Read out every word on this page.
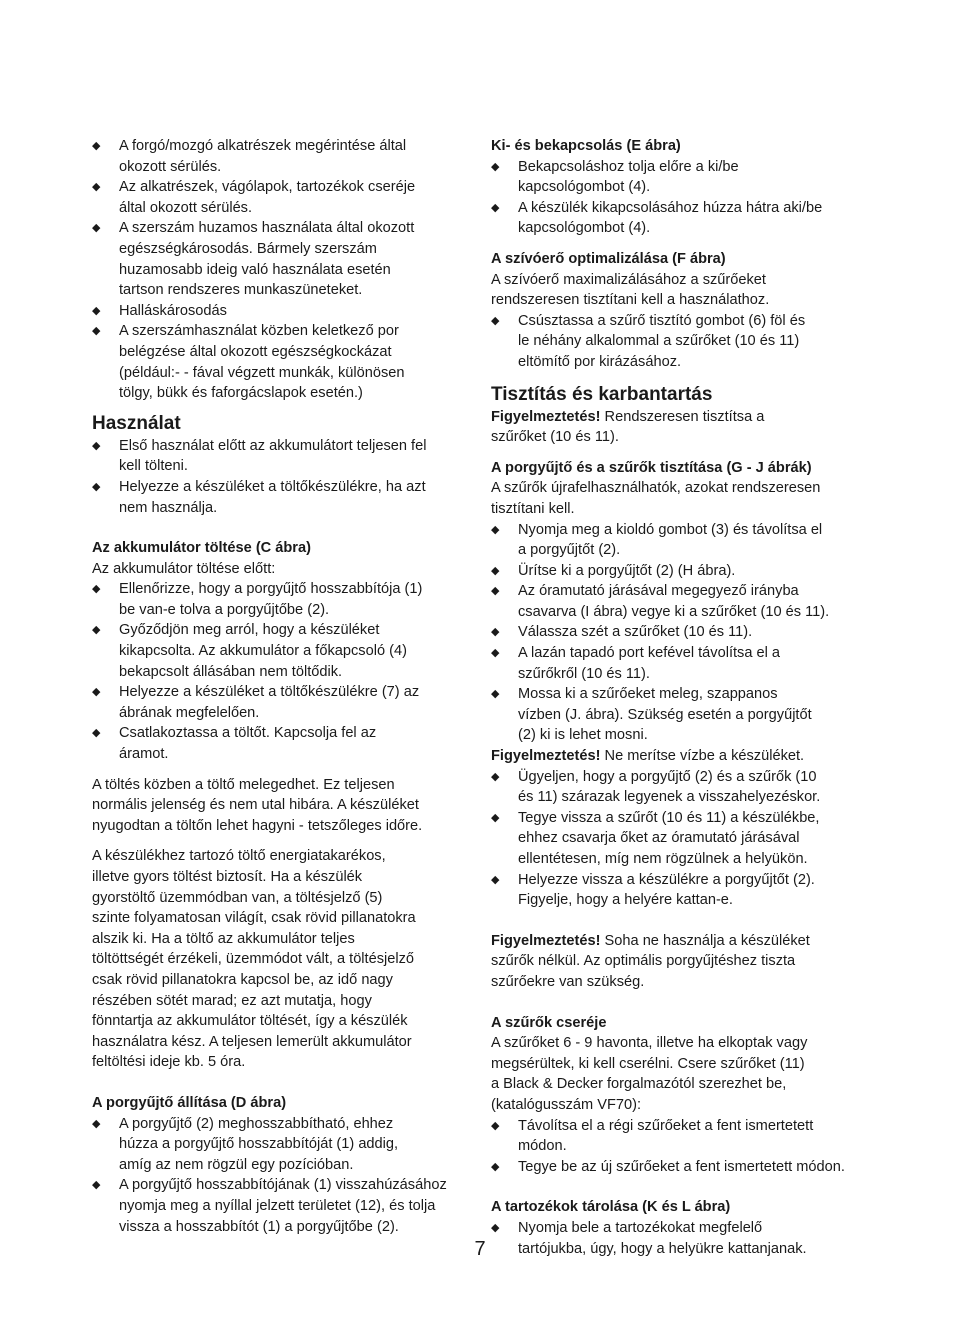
◆ A forgó/mozgó alkatrészek megérintése által
okozott sérülés.
◆ Az alkatrészek, vágólapok, tartozékok cseréje
által okozott sérülés.
◆ A szerszám huzamos használata által okozott
egészségkárosodás. Bármely szerszám
huzamosabb ideig való használata esetén
tartson rendszeres munkaszüneteket.
◆ Halláskárosodás
◆ A szerszámhasználat közben keletkező por
belégzése által okozott egészségkockázat
(például:- - fával végzett munkák, különösen
tölgy, bükk és faforgácslapok esetén.)
Használat
◆ Első használat előtt az akkumulátort teljesen fel
kell tölteni.
◆ Helyezze a készüléket a töltőkészülékre, ha azt
nem használja.
Az akkumulátor töltése (C ábra)
Az akkumulátor töltése előtt:
◆ Ellenőrizze, hogy a porgyűjtő hosszabbítója (1)
be van-e tolva a porgyűjtőbe (2).
◆ Győződjön meg arról, hogy a készüléket
kikapcsolta. Az akkumulátor a főkapcsoló (4)
bekapcsolt állásában nem töltődik.
◆ Helyezze a készüléket a töltőkészülékre (7) az
ábrának megfelelően.
◆ Csatlakoztassa a töltőt. Kapcsolja fel az
áramot.
A töltés közben a töltő melegedhet. Ez teljesen
normális jelenség és nem utal hibára. A készüléket
nyugodtan a töltőn lehet hagyni - tetszőleges időre.
A készülékhez tartozó töltő energiatakarékos,
illetve gyors töltést biztosít. Ha a készülék
gyorstöltő üzemmódban van, a töltésjelző (5)
szinte folyamatosan világít, csak rövid pillanatokra
alszik ki. Ha a töltő az akkumulátor teljes
töltöttségét érzékeli, üzemmódot vált, a töltésjelző
csak rövid pillanatokra kapcsol be, az idő nagy
részében sötét marad; ez azt mutatja, hogy
fönntartja az akkumulátor töltését, így a készülék
használatra kész. A teljesen lemerült akkumulátor
feltöltési ideje kb. 5 óra.
A porgyűjtő állítása (D ábra)
◆ A porgyűjtő (2) meghosszabbítható, ehhez
húzza a porgyűjtő hosszabbítóját (1) addig,
amíg az nem rögzül egy pozícióban.
◆ A porgyűjtő hosszabbítójának (1) visszahúzásához
nyomja meg a nyíllal jelzett területet (12), és tolja
vissza a hosszabbítót (1) a porgyűjtőbe (2).
Ki- és bekapcsolás (E ábra)
◆ Bekapcsoláshoz tolja előre a ki/be
kapcsológombot (4).
◆ A készülék kikapcsolásához húzza hátra aki/be
kapcsológombot (4).
A szívóerő optimalizálása (F ábra)
A szívóerő maximalizálásához a szűrőeket
rendszeresen tisztítani kell a használathoz.
◆ Csúsztassa a szűrő tisztító gombot (6) föl és
le néhány alkalommal a szűrőket (10 és 11)
eltömítő por kirázásához.
Tisztítás és karbantartás
Figyelmeztetés! Rendszeresen tisztítsa a
szűrőket (10 és 11).
A porgyűjtő és a szűrők tisztítása (G - J ábrák)
A szűrők újrafelhasználhatók, azokat rendszeresen
tisztítani kell.
◆ Nyomja meg a kioldó gombot (3) és távolítsa el
a porgyűjtőt (2).
◆ Ürítse ki a porgyűjtőt (2) (H ábra).
◆ Az óramutató járásával megegyező irányba
csavarva (I ábra) vegye ki a szűrőket (10 és 11).
◆ Válassza szét a szűrőket (10 és 11).
◆ A lazán tapadó port kefével távolítsa el a
szűrőkről (10 és 11).
◆ Mossa ki a szűrőeket meleg, szappanos
vízben (J. ábra). Szükség esetén a porgyűjtőt
(2) ki is lehet mosni.
Figyelmeztetés! Ne merítse vízbe a készüléket.
◆ Ügyeljen, hogy a porgyűjtő (2) és a szűrők (10
és 11) szárazak legyenek a visszahelyezéskor.
◆ Tegye vissza a szűrőt (10 és 11) a készülékbe,
ehhez csavarja őket az óramutató járásával
ellentétesen, míg nem rögzülnek a helyükön.
◆ Helyezze vissza a készülékre a porgyűjtőt (2).
Figyelje, hogy a helyére kattan-e.
Figyelmeztetés! Soha ne használja a készüléket
szűrők nélkül. Az optimális porgyűjtéshez tiszta
szűrőekre van szükség.
A szűrők cseréje
A szűrőket 6 - 9 havonta, illetve ha elkoptak vagy
megsérültek, ki kell cserélni. Csere szűrőket (11)
a Black & Decker forgalmazótól szerezhet be,
(katalógusszám VF70):
◆ Távolítsa el a régi szűrőeket a fent ismertetett
módon.
◆ Tegye be az új szűrőeket a fent ismertetett módon.
A tartozékok tárolása (K és L ábra)
◆ Nyomja bele a tartozékokat megfelelő
tartójukba, úgy, hogy a helyükre kattanjanak.
7
